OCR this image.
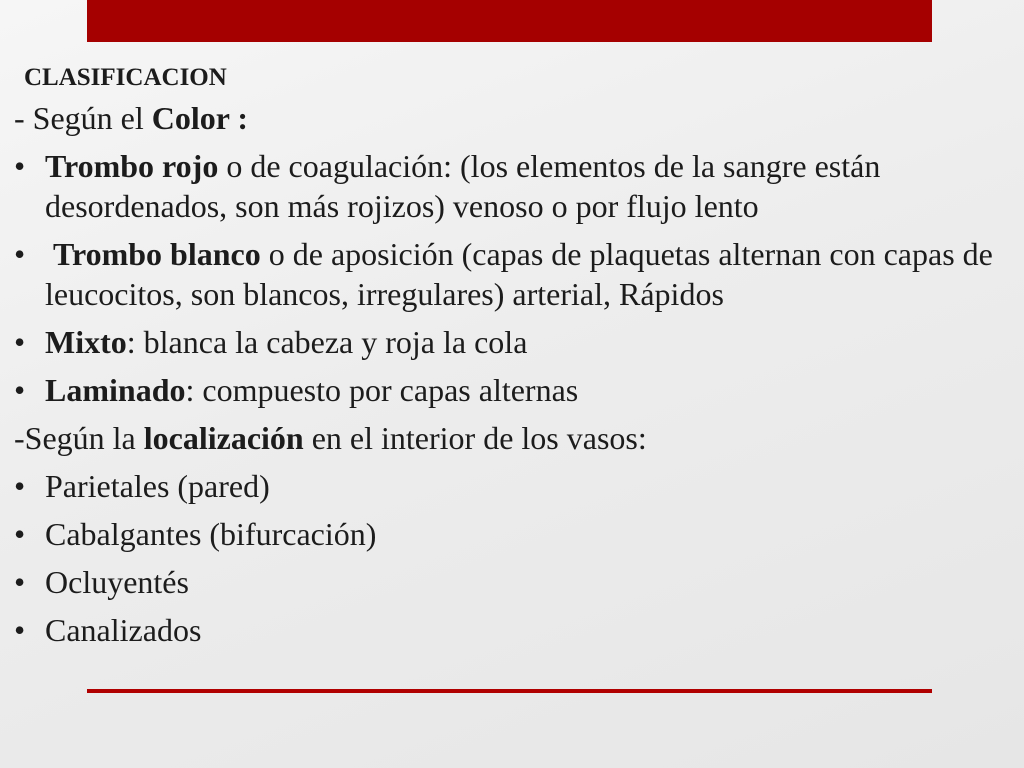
CLASIFICACION
- Según el Color :
• Trombo rojo o de coagulación: (los elementos de la sangre están desordenados, son más rojizos) venoso o por flujo lento
• Trombo blanco o de aposición (capas de plaquetas alternan con capas de leucocitos, son blancos, irregulares) arterial, Rápidos
• Mixto: blanca la cabeza y roja la cola
• Laminado: compuesto por capas alternas
-Según la localización en el interior de los vasos:
• Parietales (pared)
• Cabalgantes (bifurcación)
• Ocluyentés
• Canalizados
